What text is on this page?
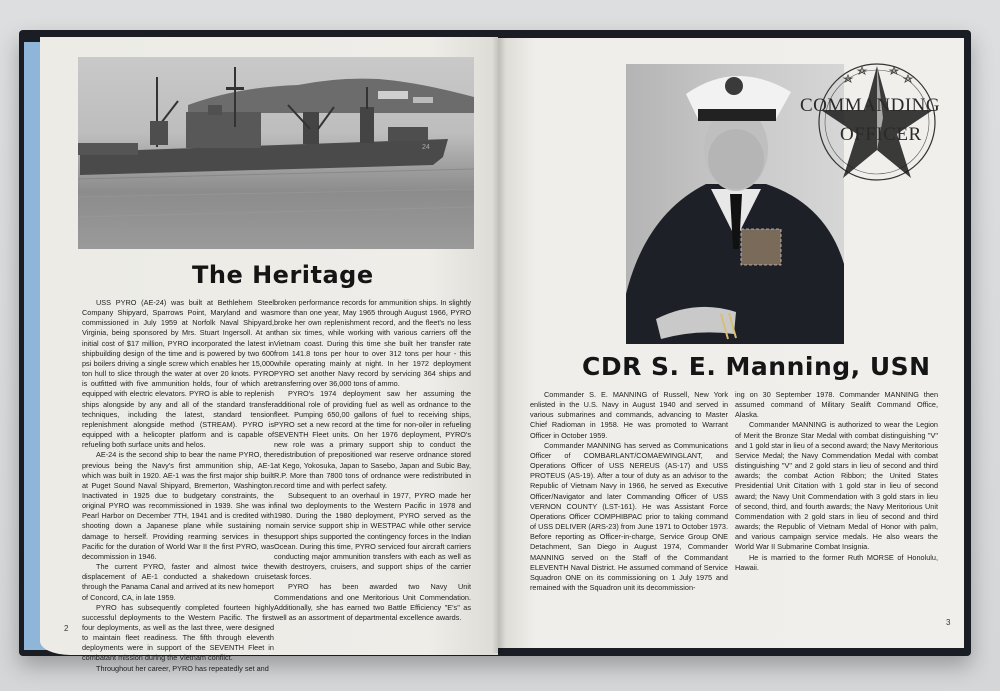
24
The Heritage

USS PYRO (AE-24) was built at Bethlehem Steel Company Shipyard, Sparrows Point, Maryland and was commissioned in July 1959 at Norfolk Naval Shipyard, Virginia, being sponsored by Mrs. Stuart Ingersoll. At an initial cost of $17 million, PYRO incorporated the latest in shipbuilding design of the time and is powered by two 600 psi boilers driving a single screw which enables her 15,000 ton hull to slice through the water at over 20 knots. PYRO is outfitted with five ammunition holds, four of which are equipped with electric elevators. PYRO is able to replenish ships alongside by any and all of the standard transfer techniques, including the latest, standard tension replenishment alongside method (STREAM). PYRO is equipped with a helicopter platform and is capable of refueling both surface units and helos.

AE-24 is the second ship to bear the name PYRO, the previous being the Navy's first ammunition ship, AE-1 which was built in 1920. AE-1 was the first major ship built at Puget Sound Naval Shipyard, Bremerton, Washington. Inactivated in 1925 due to budgetary constraints, the original PYRO was recommissioned in 1939. She was in Pearl Harbor on December 7TH, 1941 and is credited with shooting down a Japanese plane while sustaining no damage to herself. Providing rearming services in the Pacific for the duration of World War II the first PYRO, was decommission in 1946.

The current PYRO, faster and almost twice the displacement of AE-1 conducted a shakedown cruise through the Panama Canal and arrived at its new homeport of Concord, CA, in late 1959.

PYRO has subsequently completed fourteen highly successful deployments to the Western Pacific. The first four deployments, as well as the last three, were designed to maintain fleet readiness. The fifth through eleventh deployments were in support of the SEVENTH Fleet in combatant mission during the Vietnam conflict.

Throughout her career, PYRO has repeatedly set and

broken performance records for ammunition ships. In slightly more than one year, May 1965 through August 1966, PYRO broke her own replenishment record, and the fleet's no less than six times, while working with various carriers off the Vietnam coast. During this time she built her transfer rate from 141.8 tons per hour to over 312 tons per hour - this while operating mainly at night. In her 1972 deployment PYRO set another Navy record by servicing 364 ships and transferring over 36,000 tons of ammo.

PYRO's 1974 deployment saw her assuming the additional role of providing fuel as well as ordnance to the fleet. Pumping 650,00 gallons of fuel to receiving ships, PYRO set a new record at the time for non-oiler in refueling SEVENTH Fleet units. On her 1976 deployment, PYRO's new role was a primary support ship to conduct the redistribution of prepositioned war reserve ordnance stored at Kego, Yokosuka, Japan to Sasebo, Japan and Subic Bay, R.P. More than 7800 tons of ordnance were redistributed in record time and with perfect safety.

Subsequent to an overhaul in 1977, PYRO made her final two deployments to the Western Pacific in 1978 and 1980. During the 1980 deployment, PYRO served as the main service support ship in WESTPAC while other service support ships supported the contingency forces in the Indian Ocean. During this time, PYRO serviced four aircraft carriers conducting major ammunition transfers with each as well as with destroyers, cruisers, and support ships of the carrier task forces.

PYRO has been awarded two Navy Unit Commendations and one Meritorious Unit Commendation. Additionally, she has earned two Battle Efficiency "E's" as well as an assortment of departmental excellence awards.

2
COMMANDING
OFFICER
CDR S. E. Manning, USN

Commander S. E. MANNING of Russell, New York enlisted in the U.S. Navy in August 1940 and served in various submarines and commands, advancing to Master Chief Radioman in 1958. He was promoted to Warrant Officer in October 1959.

Commander MANNING has served as Communications Officer of COMBARLANT/COMAEWINGLANT, and Operations Officer of USS NEREUS (AS-17) and USS PROTEUS (AS-19). After a tour of duty as an advisor to the Republic of Vietnam Navy in 1966, he served as Executive Officer/Navigator and later Commanding Officer of USS VERNON COUNTY (LST-161). He was Assistant Force Operations Officer COMPHIBPAC prior to taking command of USS DELIVER (ARS-23) from June 1971 to October 1973. Before reporting as Officer-in-charge, Service Group ONE Detachment, San Diego in August 1974, Commander MANNING served on the Staff of the Commandant ELEVENTH Naval District. He assumed command of Service Squadron ONE on its commissioning on 1 July 1975 and remained with the Squadron unit its decommission-

ing on 30 September 1978. Commander MANNING then assumed command of Military Sealift Command Office, Alaska.

Commander MANNING is authorized to wear the Legion of Merit the Bronze Star Medal with combat distinguishing "V" and 1 gold star in lieu of a second award; the Navy Meritorious Service Medal; the Navy Commendation Medal with combat distinguishing "V" and 2 gold stars in lieu of second and third awards; the combat Action Ribbon; the United States Presidential Unit Citation with 1 gold star in lieu of second award; the Navy Unit Commendation with 3 gold stars in lieu of second, third, and fourth awards; the Navy Meritorious Unit Commendation with 2 gold stars in lieu of second and third awards; the Republic of Vietnam Medal of Honor with palm, and various campaign service medals. He also wears the World War II Submarine Combat Insignia.

He is married to the former Ruth MORSE of Honolulu, Hawaii.

3
